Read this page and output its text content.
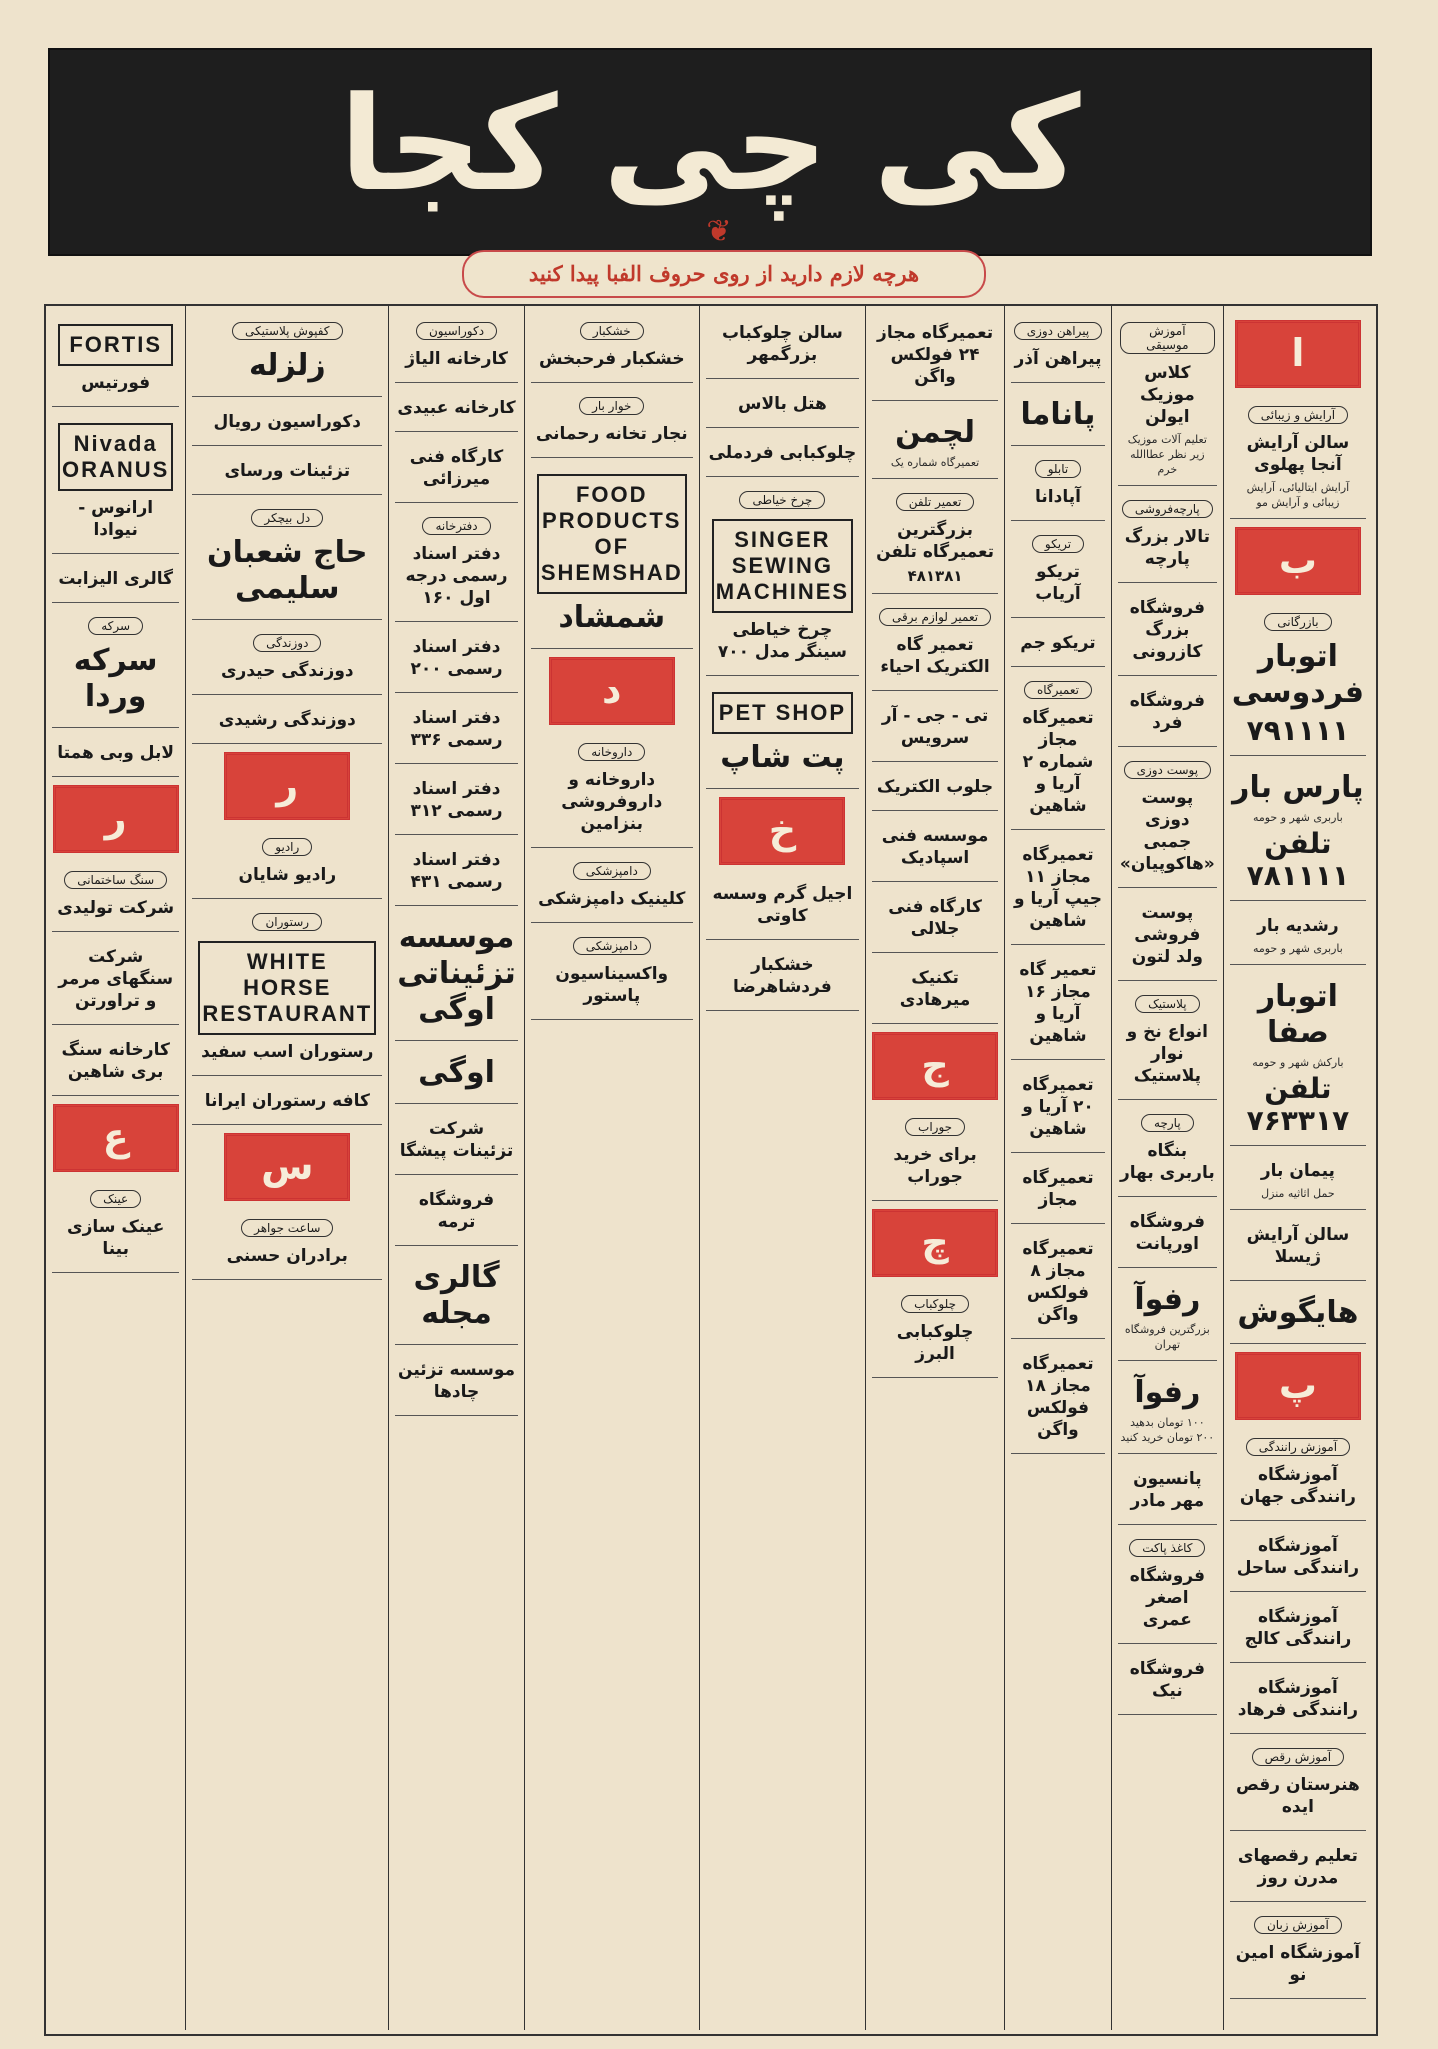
کی چی کجا
❦
هرچه لازم دارید از روی حروف الفبا پیدا کنید
ا
آرایش و زیبائی
سالن آرایش آنجا پهلوی
آرایش ایتالیائی، آرایش زیبائی و آرایش مو
ب
بازرگانی
اتوبار فردوسی
۷۹۱۱۱۱
پارس بار
باربری شهر و حومه
تلفن ۷۸۱۱۱۱
رشدیه بار
باربری شهر و حومه
اتوبار صفا
بارکش شهر و حومه
تلفن ۷۶۳۳۱۷
پیمان بار
حمل اثاثیه منزل
سالن آرایش ژیسلا
هایگوش
پ
آموزش رانندگی
آموزشگاه رانندگی جهان
آموزشگاه رانندگی ساحل
آموزشگاه رانندگی کالج
آموزشگاه رانندگی فرهاد
آموزش رقص
هنرستان رقص ایده
تعلیم رقصهای مدرن روز
آموزش زبان
آموزشگاه امین نو
آموزش موسیقی
کلاس موزیک ایولن
تعلیم آلات موزیک زیر نظر عطاالله خرم
پارچه‌فروشی
تالار بزرگ پارچه
فروشگاه بزرگ کازرونی
فروشگاه فرد
پوست دوزی
پوست دوزی جمبی «هاکوپیان»
پوست فروشی ولد لتون
پلاستیک
انواع نخ و نوار پلاستیک
پارچه
بنگاه باربری بهار
فروشگاه اورپانت
رفوآ
بزرگترین فروشگاه تهران
رفوآ
۱۰۰ تومان بدهید ۲۰۰ تومان خرید کنید
پانسیون مهر مادر
کاغذ پاکت
فروشگاه اصغر عمری
فروشگاه نیک
پیراهن دوزی
پیراهن آذر
پاناما
تابلو
آپادانا
تریکو
تریکو آریاب
تریکو جم
تعمیرگاه
تعمیرگاه مجاز شماره ۲ آریا و شاهین
تعمیرگاه مجاز ۱۱ جیپ آریا و شاهین
تعمیر گاه مجاز ۱۶ آریا و شاهین
تعمیرگاه ۲۰ آریا و شاهین
تعمیرگاه مجاز
تعمیرگاه مجاز ۸ فولکس واگن
تعمیرگاه مجاز ۱۸ فولکس واگن
تعمیرگاه مجاز ۲۴ فولکس واگن
لچمن
تعمیرگاه شماره یک
تعمیر تلفن
بزرگترین تعمیرگاه تلفن
۴۸۱۳۸۱
تعمیر لوازم برقی
تعمیر گاه الکتریک احیاء
تی - جی - آر سرویس
جلوب الکتریک
موسسه فنی اسپادیک
کارگاه فنی جلالی
تکنیک میرهادی
ج
جوراب
برای خرید جوراب
چ
چلوکباب
چلوکبابی البرز
سالن چلوکباب بزرگمهر
هتل بالاس
چلوکبابی فردملی
چرخ خیاطی
SINGER SEWING MACHINES
چرخ خیاطی سینگر مدل ۷۰۰
PET SHOP
پت شاپ
خ
اجیل گرم وسسه کاوتی
خشکبار فردشاهرضا
خشکبار
خشکبار فرحبخش
خوار بار
نجار تخانه رحمانی
FOOD PRODUCTS OF SHEMSHAD
شمشاد
د
داروخانه
داروخانه و داروفروشی بنزامین
دامپزشکی
کلینیک دامپزشکی
دامپزشکی
واکسیناسیون پاستور
دکوراسیون
کارخانه الیاژ
کارخانه عبیدی
کارگاه فنی میرزائی
دفترخانه
دفتر اسناد رسمی درجه اول ۱۶۰
دفتر اسناد رسمی ۲۰۰
دفتر اسناد رسمی ۳۳۶
دفتر اسناد رسمی ۳۱۲
دفتر اسناد رسمی ۴۳۱
موسسه تزئیناتی اوگی
اوگی
شرکت تزئینات پیشگا
فروشگاه ترمه
گالری مجله
موسسه تزئین چادها
کفپوش پلاستیکی
زلزله
دکوراسیون رویال
تزئینات ورسای
دل بیچکر
حاج شعبان سلیمی
دوزندگی
دوزندگی حیدری
دوزندگی رشیدی
ر
رادیو
رادیو شایان
رستوران
WHITE HORSE RESTAURANT
رستوران اسب سفید
کافه رستوران ایرانا
س
ساعت جواهر
برادران حسنی
FORTIS
فورتیس
Nivada ORANUS
ارانوس - نیوادا
گالری الیزابت
سرکه
سرکه وردا
لابل وبی همتا
ر
سنگ ساختمانی
شرکت تولیدی
شرکت سنگهای مرمر و تراورتن
کارخانه سنگ بری شاهین
ع
عینک
عینک سازی بینا
